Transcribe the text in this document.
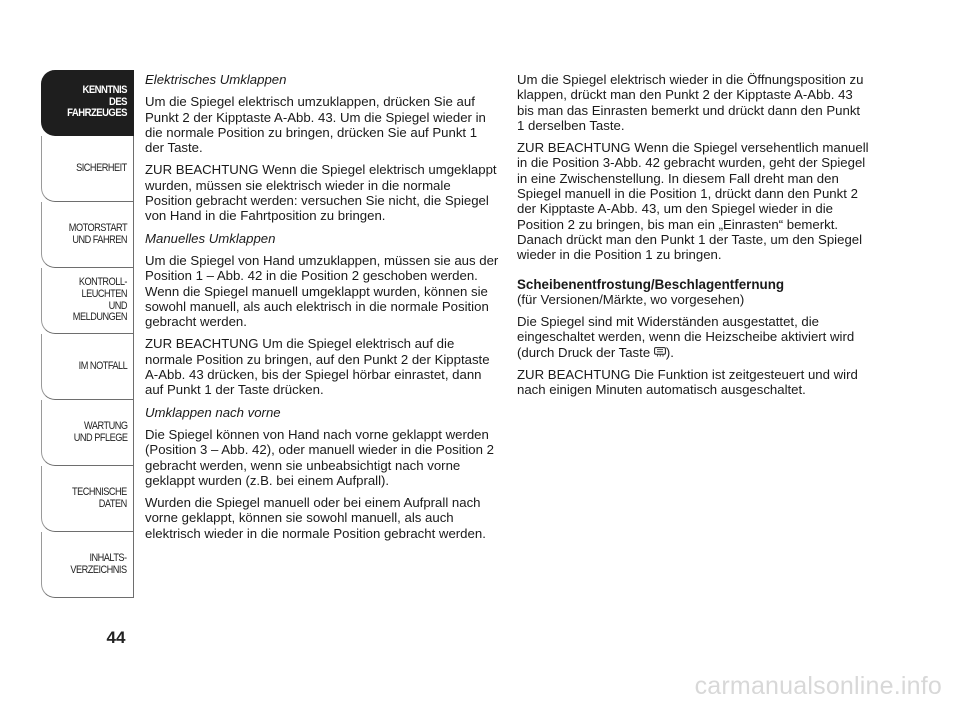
KENNTNIS
DES FAHRZEUGES
SICHERHEIT
MOTORSTART
UND FAHREN
KONTROLL-
LEUCHTEN
UND MELDUNGEN
IM NOTFALL
WARTUNG
UND PFLEGE
TECHNISCHE
DATEN
INHALTS-
VERZEICHNIS
44

Elektrisches Umklappen

Um die Spiegel elektrisch umzuklappen, drücken Sie auf Punkt 2 der Kipptaste A-Abb. 43. Um die Spiegel wieder in die normale Position zu bringen, drücken Sie auf Punkt 1 der Taste.

ZUR BEACHTUNG Wenn die Spiegel elektrisch umgeklappt wurden, müssen sie elektrisch wieder in die normale Position gebracht werden: versuchen Sie nicht, die Spiegel von Hand in die Fahrtposition zu bringen.

Manuelles Umklappen

Um die Spiegel von Hand umzuklappen, müssen sie aus der Position 1 – Abb. 42 in die Position 2 geschoben werden. Wenn die Spiegel manuell umgeklappt wurden, können sie sowohl manuell, als auch elektrisch in die normale Position gebracht werden.

ZUR BEACHTUNG Um die Spiegel elektrisch auf die normale Position zu bringen, auf den Punkt 2 der Kipptaste A-Abb. 43 drücken, bis der Spiegel hörbar einrastet, dann auf Punkt 1 der Taste drücken.

Umklappen nach vorne

Die Spiegel können von Hand nach vorne geklappt werden (Position 3 – Abb. 42), oder manuell wieder in die Position 2 gebracht werden, wenn sie unbeabsichtigt nach vorne geklappt wurden (z.B. bei einem Aufprall).

Wurden die Spiegel manuell oder bei einem Aufprall nach vorne geklappt, können sie sowohl manuell, als auch elektrisch wieder in die normale Position gebracht werden.

Um die Spiegel elektrisch wieder in die Öffnungsposition zu klappen, drückt man den Punkt 2 der Kipptaste A-Abb. 43 bis man das Einrasten bemerkt und drückt dann den Punkt 1 derselben Taste.

ZUR BEACHTUNG Wenn die Spiegel versehentlich manuell in die Position 3-Abb. 42 gebracht wurden, geht der Spiegel in eine Zwischenstellung. In diesem Fall dreht man den Spiegel manuell in die Position 1, drückt dann den Punkt 2 der Kipptaste A-Abb. 43, um den Spiegel wieder in die Position 2 zu bringen, bis man ein „Einrasten“ bemerkt. Danach drückt man den Punkt 1 der Taste, um den Spiegel wieder in die Position 1 zu bringen.

Scheibenentfrostung/Beschlagentfernung

(für Versionen/Märkte, wo vorgesehen)

Die Spiegel sind mit Widerständen ausgestattet, die eingeschaltet werden, wenn die Heizscheibe aktiviert wird (durch Druck der Taste ).

ZUR BEACHTUNG Die Funktion ist zeitgesteuert und wird nach einigen Minuten automatisch ausgeschaltet.

carmanualsonline.info
